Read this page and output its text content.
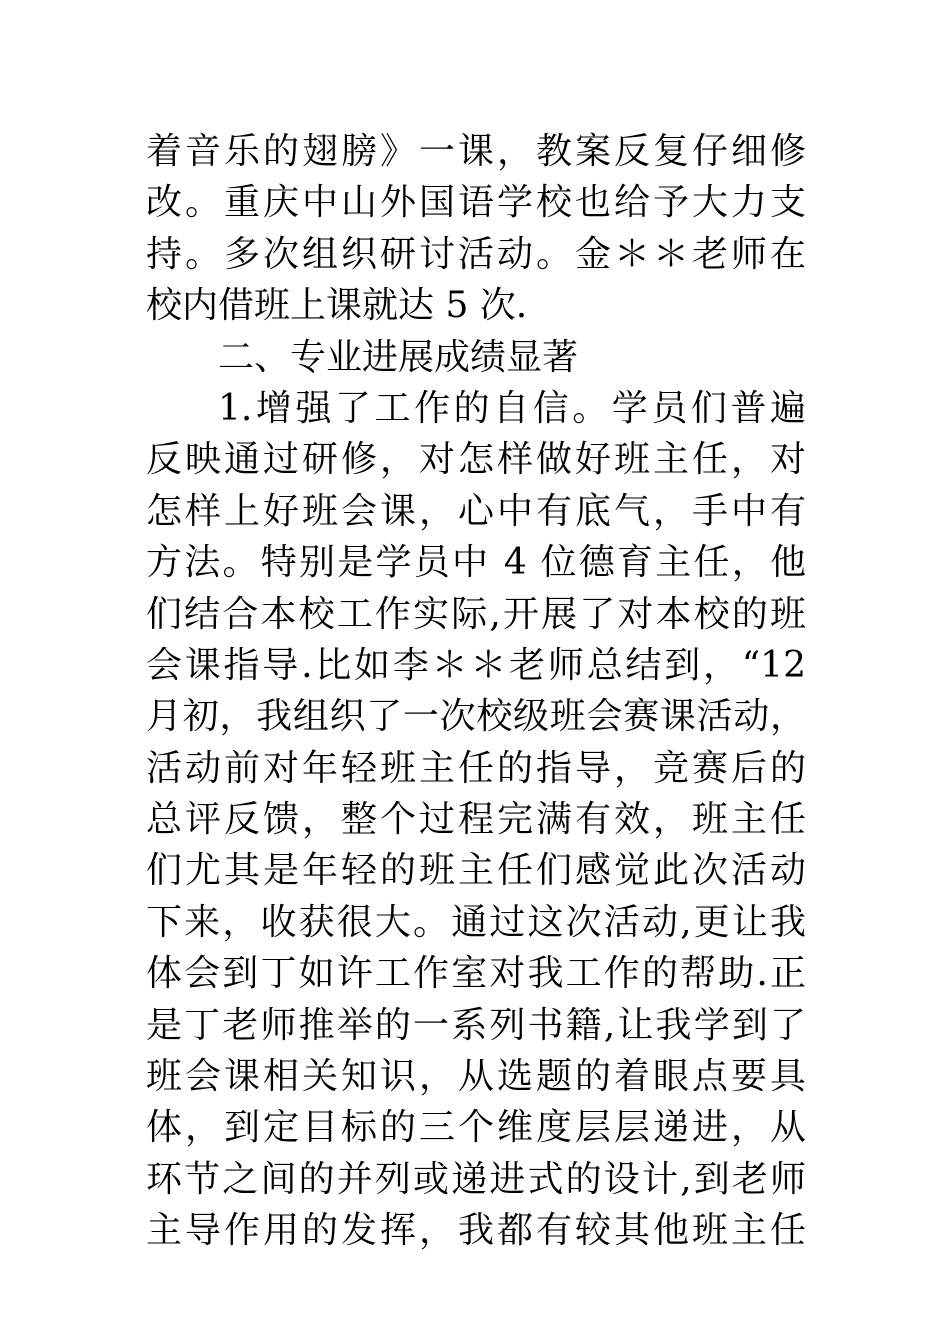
着音乐的翅膀》一课，教案反复仔细修
改。重庆中山外国语学校也给予大力支
持。多次组织研讨活动。金＊＊老师在
校内借班上课就达 5 次.
二、专业进展成绩显著
1.增强了工作的自信。学员们普遍
反映通过研修，对怎样做好班主任，对
怎样上好班会课，心中有底气，手中有
方法。特别是学员中 4 位德育主任，他
们结合本校工作实际,开展了对本校的班
会课指导.比如李＊＊老师总结到，“12
月初，我组织了一次校级班会赛课活动，
活动前对年轻班主任的指导，竞赛后的
总评反馈，整个过程完满有效，班主任
们尤其是年轻的班主任们感觉此次活动
下来，收获很大。通过这次活动,更让我
体会到丁如许工作室对我工作的帮助.正
是丁老师推举的一系列书籍,让我学到了
班会课相关知识，从选题的着眼点要具
体，到定目标的三个维度层层递进，从
环节之间的并列或递进式的设计,到老师
主导作用的发挥，我都有较其他班主任
